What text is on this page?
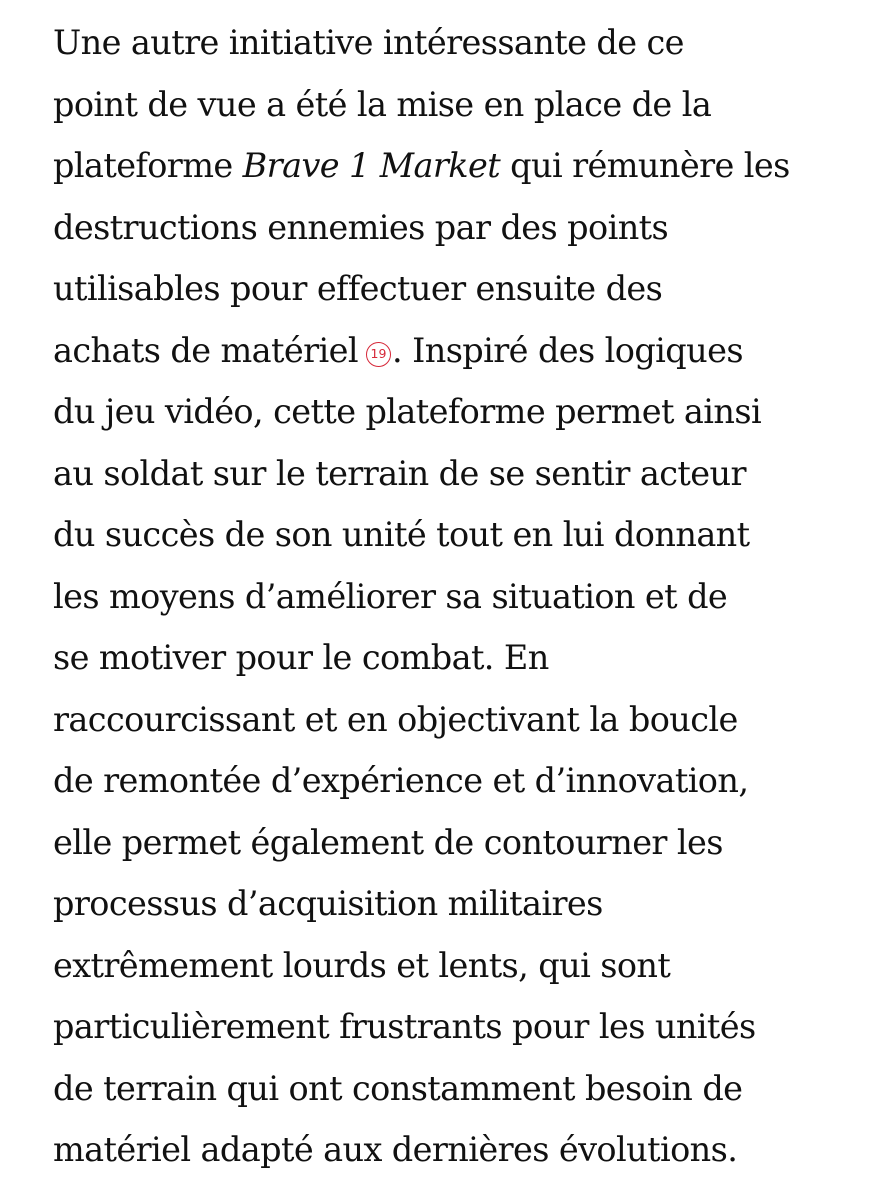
Une autre initiative intéressante de ce
point de vue a été la mise en place de la
plateforme Brave 1 Market qui rémunère les
destructions ennemies par des points
utilisables pour effectuer ensuite des
achats de matériel 19 . Inspiré des logiques
du jeu vidéo, cette plateforme permet ainsi
au soldat sur le terrain de se sentir acteur
du succès de son unité tout en lui donnant
les moyens d’améliorer sa situation et de
se motiver pour le combat. En
raccourcissant et en objectivant la boucle
de remontée d’expérience et d’innovation,
elle permet également de contourner les
processus d’acquisition militaires
extrêmement lourds et lents, qui sont
particulièrement frustrants pour les unités
de terrain qui ont constamment besoin de
matériel adapté aux dernières évolutions.
